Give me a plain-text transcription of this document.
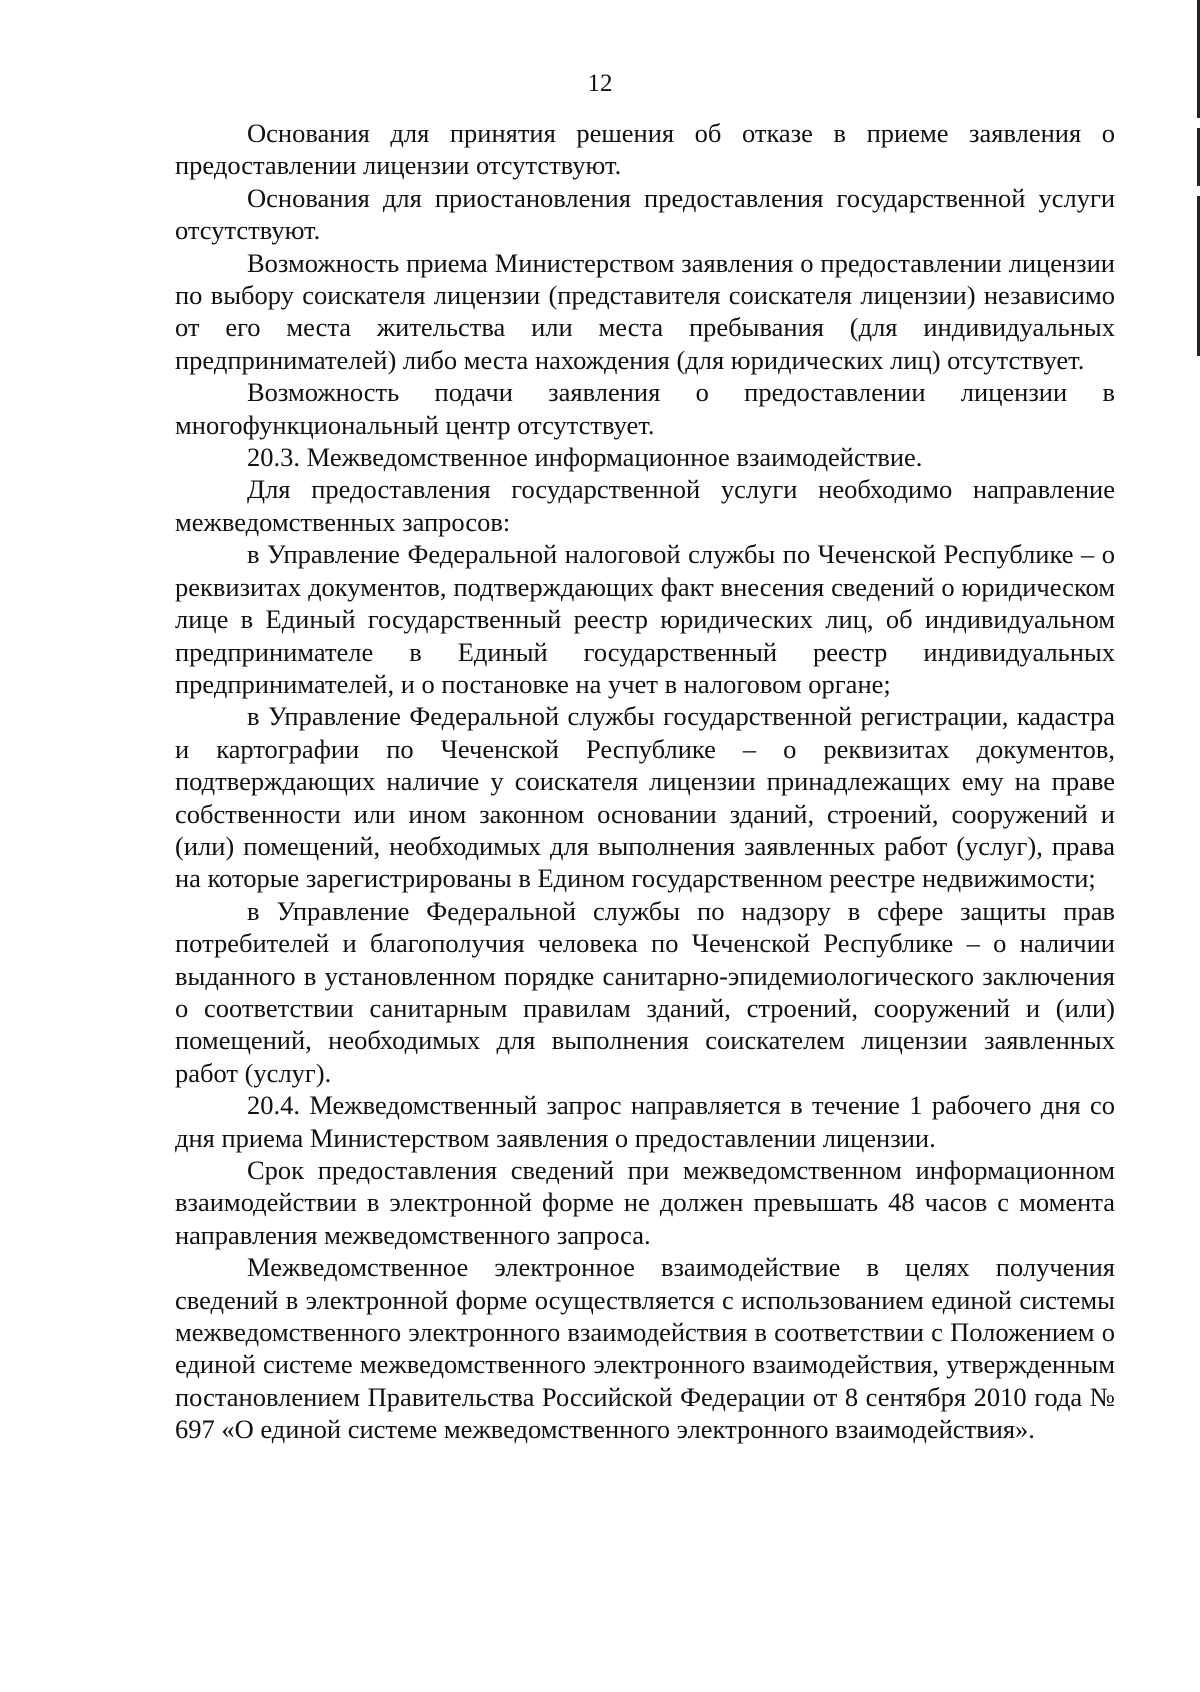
12

Основания для принятия решения об отказе в приеме заявления о предоставлении лицензии отсутствуют.

Основания для приостановления предоставления государственной услуги отсутствуют.

Возможность приема Министерством заявления о предоставлении лицензии по выбору соискателя лицензии (представителя соискателя лицензии) независимо от его места жительства или места пребывания (для индивидуальных предпринимателей) либо места нахождения (для юридических лиц) отсутствует.

Возможность подачи заявления о предоставлении лицензии в многофункциональный центр отсутствует.

20.3. Межведомственное информационное взаимодействие.

Для предоставления государственной услуги необходимо направление межведомственных запросов:

в Управление Федеральной налоговой службы по Чеченской Республике – о реквизитах документов, подтверждающих факт внесения сведений о юридическом лице в Единый государственный реестр юридических лиц, об индивидуальном предпринимателе в Единый государственный реестр индивидуальных предпринимателей, и о постановке на учет в налоговом органе;

в Управление Федеральной службы государственной регистрации, кадастра и картографии по Чеченской Республике – о реквизитах документов, подтверждающих наличие у соискателя лицензии принадлежащих ему на праве собственности или ином законном основании зданий, строений, сооружений и (или) помещений, необходимых для выполнения заявленных работ (услуг), права на которые зарегистрированы в Едином государственном реестре недвижимости;

в Управление Федеральной службы по надзору в сфере защиты прав потребителей и благополучия человека по Чеченской Республике – о наличии выданного в установленном порядке санитарно-эпидемиологического заключения о соответствии санитарным правилам зданий, строений, сооружений и (или) помещений, необходимых для выполнения соискателем лицензии заявленных работ (услуг).

20.4. Межведомственный запрос направляется в течение 1 рабочего дня со дня приема Министерством заявления о предоставлении лицензии.

Срок предоставления сведений при межведомственном информационном взаимодействии в электронной форме не должен превышать 48 часов с момента направления межведомственного запроса.

Межведомственное электронное взаимодействие в целях получения сведений в электронной форме осуществляется с использованием единой системы межведомственного электронного взаимодействия в соответствии с Положением о единой системе межведомственного электронного взаимодействия, утвержденным постановлением Правительства Российской Федерации от 8 сентября 2010 года № 697 «О единой системе межведомственного электронного взаимодействия».
